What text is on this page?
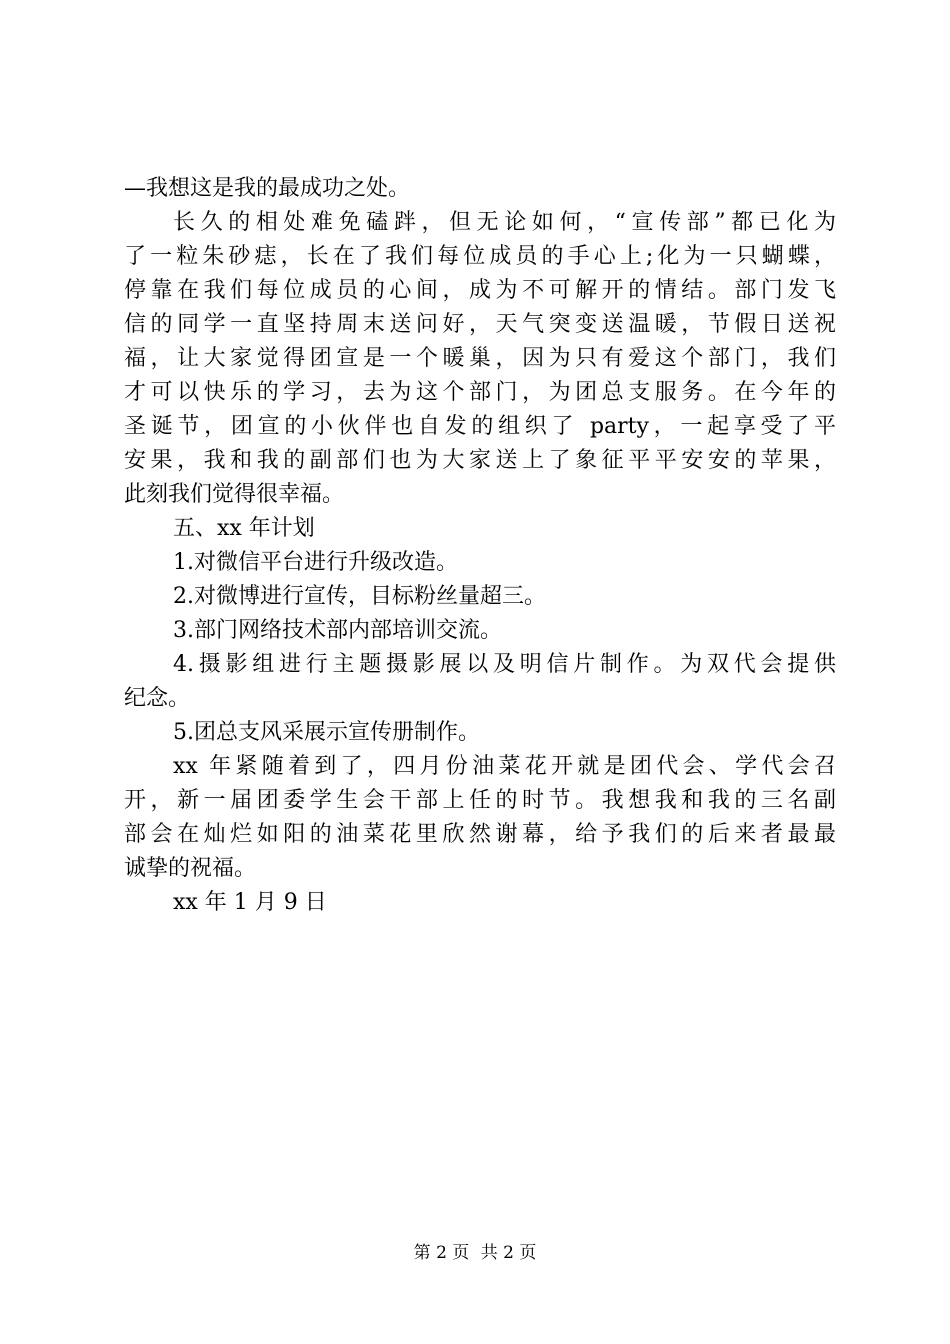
—我想这是我的最成功之处。
长久的相处难免磕跘，但无论如何，“宣传部”都已化为
了一粒朱砂痣，长在了我们每位成员的手心上;化为一只蝴蝶，
停靠在我们每位成员的心间，成为不可解开的情结。部门发飞
信的同学一直坚持周末送问好，天气突变送温暖，节假日送祝
福，让大家觉得团宣是一个暖巢，因为只有爱这个部门，我们
才可以快乐的学习，去为这个部门，为团总支服务。在今年的
圣诞节，团宣的小伙伴也自发的组织了 party，一起享受了平
安果，我和我的副部们也为大家送上了象征平平安安的苹果，
此刻我们觉得很幸福。
五、xx 年计划
1.对微信平台进行升级改造。
2.对微博进行宣传，目标粉丝量超三。
3.部门网络技术部内部培训交流。
4.摄影组进行主题摄影展以及明信片制作。为双代会提供
纪念。
5.团总支风采展示宣传册制作。
xx 年紧随着到了，四月份油菜花开就是团代会、学代会召
开，新一届团委学生会干部上任的时节。我想我和我的三名副
部会在灿烂如阳的油菜花里欣然谢幕，给予我们的后来者最最
诚挚的祝福。
xx 年 1 月 9 日
第 2 页 共 2 页
